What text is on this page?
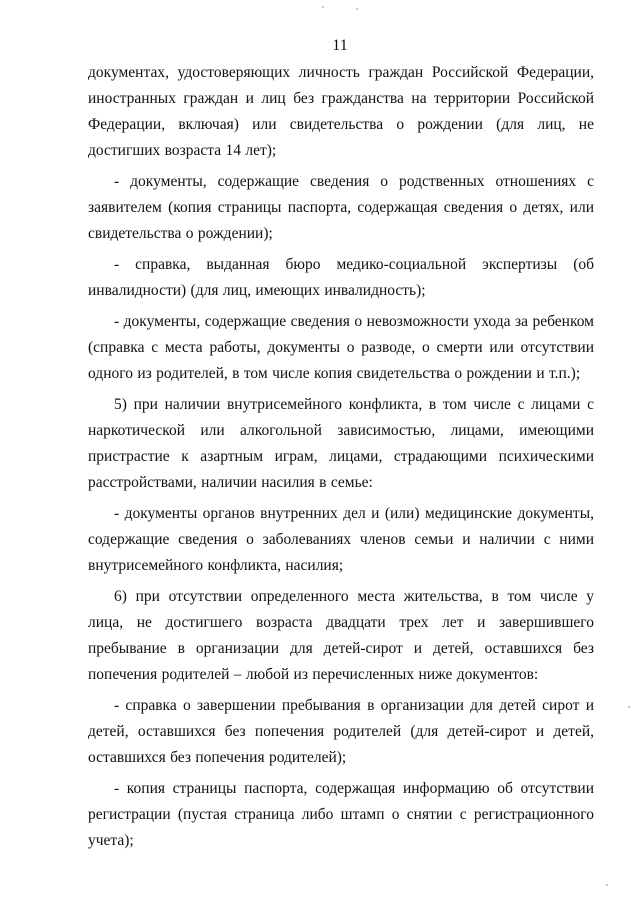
11

документах, удостоверяющих личность граждан Российской Федерации, иностранных граждан и лиц без гражданства на территории Российской Федерации, включая) или свидетельства о рождении (для лиц, не достигших возраста 14 лет);

- документы, содержащие сведения о родственных отношениях с заявителем (копия страницы паспорта, содержащая сведения о детях, или свидетельства о рождении);

- справка, выданная бюро медико-социальной экспертизы (об инвалидности) (для лиц, имеющих инвалидность);

- документы, содержащие сведения о невозможности ухода за ребенком (справка с места работы, документы о разводе, о смерти или отсутствии одного из родителей, в том числе копия свидетельства о рождении и т.п.);

5) при наличии внутрисемейного конфликта, в том числе с лицами с наркотической или алкогольной зависимостью, лицами, имеющими пристрастие к азартным играм, лицами, страдающими психическими расстройствами, наличии насилия в семье:

- документы органов внутренних дел и (или) медицинские документы, содержащие сведения о заболеваниях членов семьи и наличии с ними внутрисемейного конфликта, насилия;

6) при отсутствии определенного места жительства, в том числе у лица, не достигшего возраста двадцати трех лет и завершившего пребывание в организации для детей-сирот и детей, оставшихся без попечения родителей – любой из перечисленных ниже документов:

- справка о завершении пребывания в организации для детей сирот и детей, оставшихся без попечения родителей (для детей-сирот и детей, оставшихся без попечения родителей);

- копия страницы паспорта, содержащая информацию об отсутствии регистрации (пустая страница либо штамп о снятии с регистрационного учета);
